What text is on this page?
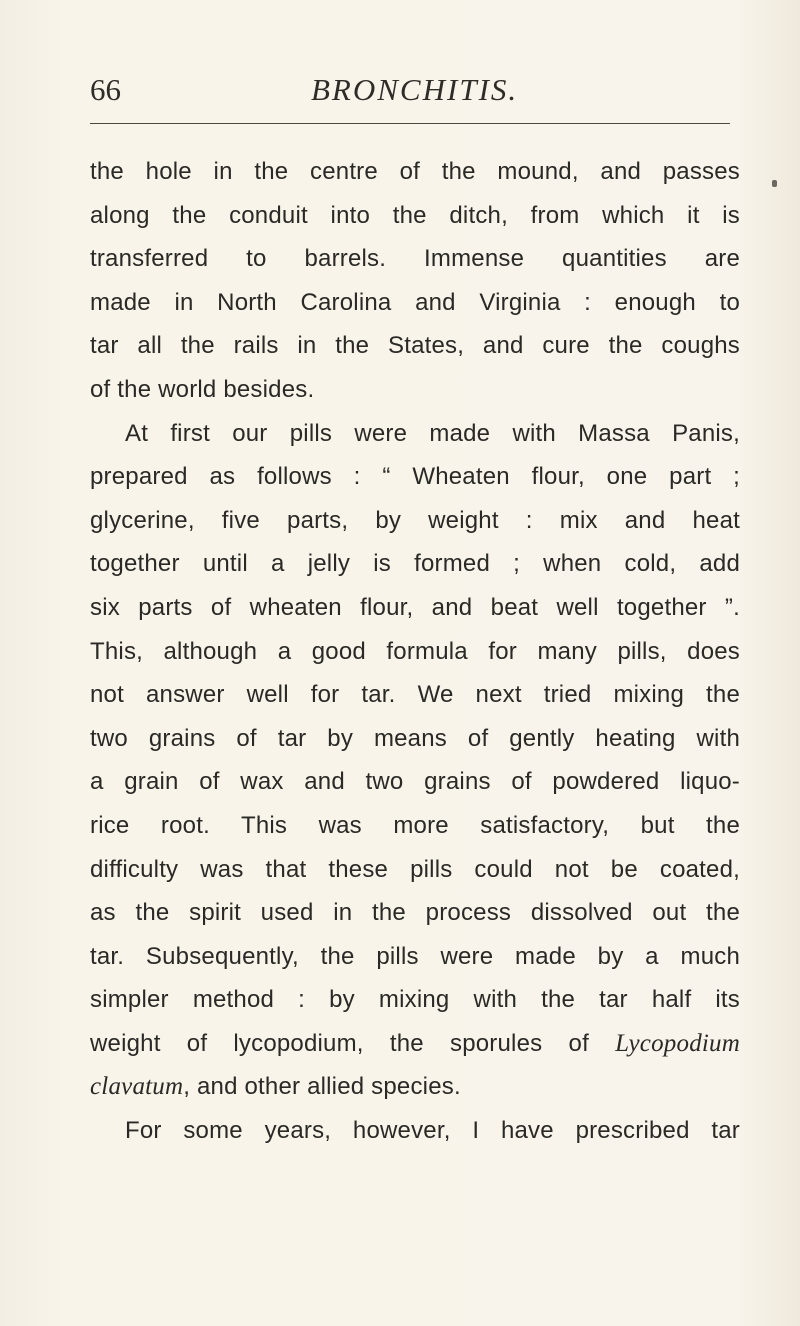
66	BRONCHITIS.
the hole in the centre of the mound, and passes
along the conduit into the ditch, from which it is
transferred to barrels. Immense quantities are
made in North Carolina and Virginia : enough to
tar all the rails in the States, and cure the coughs
of the world besides.
At first our pills were made with Massa Panis,
prepared as follows : “ Wheaten flour, one part ;
glycerine, five parts, by weight : mix and heat
together until a jelly is formed ; when cold, add
six parts of wheaten flour, and beat well together ”.
This, although a good formula for many pills, does
not answer well for tar. We next tried mixing the
two grains of tar by means of gently heating with
a grain of wax and two grains of powdered liquo-
rice root. This was more satisfactory, but the
difficulty was that these pills could not be coated,
as the spirit used in the process dissolved out the
tar. Subsequently, the pills were made by a much
simpler method : by mixing with the tar half its
weight of lycopodium, the sporules of Lycopodium
clavatum, and other allied species.
For some years, however, I have prescribed tar
